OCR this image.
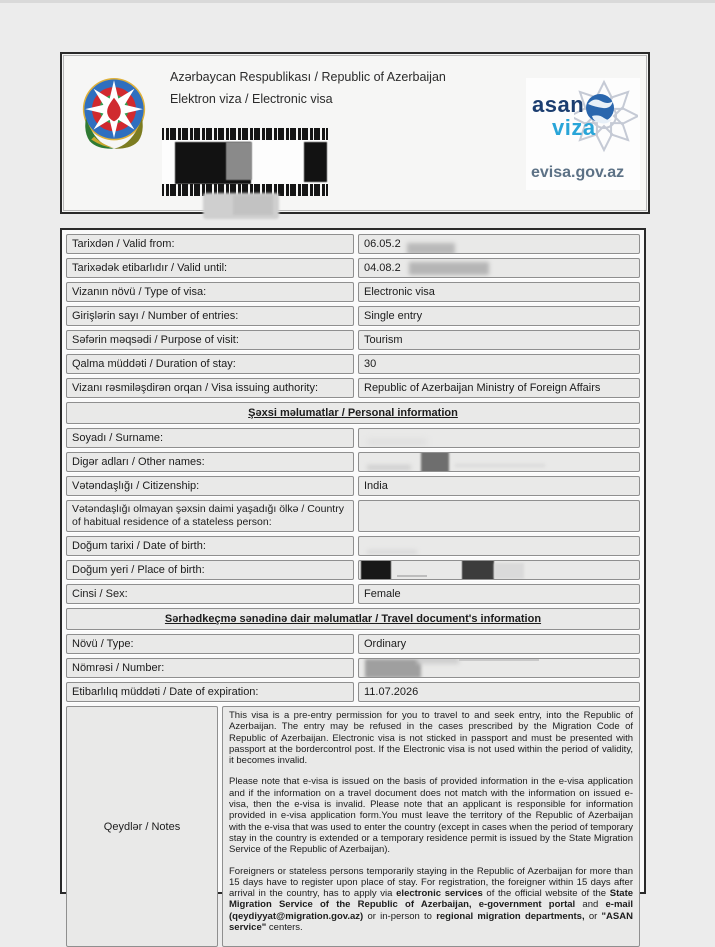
Azərbaycan Respublikası / Republic of Azerbaijan

Elektron viza / Electronic visa	asan
viza
evisa.gov.az
Tarixdən / Valid from:	06.05.2
Tarixədək etibarlıdır / Valid until:	04.08.2
Vizanın növü / Type of visa:	Electronic visa
Girişlərin sayı / Number of entries:	Single entry
Səfərin məqsədi / Purpose of visit:	Tourism
Qalma müddəti / Duration of stay:	30
Vizanı rəsmiləşdirən orqan / Visa issuing authority:	Republic of Azerbaijan Ministry of Foreign Affairs
Şəxsi məlumatlar / Personal information
Soyadı / Surname:
Digər adları / Other names:
Vətəndaşlığı / Citizenship:	India
Vətəndaşlığı olmayan şəxsin daimi yaşadığı ölkə / Country of habitual residence of a stateless person:
Doğum tarixi / Date of birth:
Doğum yeri / Place of birth:
Cinsi / Sex:	Female
Sərhədkeçmə sənədinə dair məlumatlar / Travel document's information
Növü / Type:	Ordinary
Nömrəsi / Number:
Etibarlılıq müddəti / Date of expiration:	11.07.2026
Qeydlər / Notes

This visa is a pre-entry permission for you to travel to and seek entry, into the Republic of Azerbaijan. The entry may be refused in the cases prescribed by the Migration Code of Republic of Azerbaijan. Electronic visa is not sticked in passport and must be presented with passport at the bordercontrol post. If the Electronic visa is not used within the period of validity, it becomes invalid.

Please note that e-visa is issued on the basis of provided information in the e-visa application and if the information on a travel document does not match with the information on issued e-visa, then the e-visa is invalid. Please note that an applicant is responsible for information provided in e-visa application form.You must leave the territory of the Republic of Azerbaijan with the e-visa that was used to enter the country (except in cases when the period of temporary stay in the country is extended or a temporary residence permit is issued by the State Migration Service of the Republic of Azerbaijan).

Foreigners or stateless persons temporarily staying in the Republic of Azerbaijan for more than 15 days have to register upon place of stay. For registration, the foreigner within 15 days after arrival in the country, has to apply via electronic services of the official website of the State Migration Service of the Republic of Azerbaijan, e-government portal and e-mail (qeydiyyat@migration.gov.az) or in-person to regional migration departments, or "ASAN service" centers.
